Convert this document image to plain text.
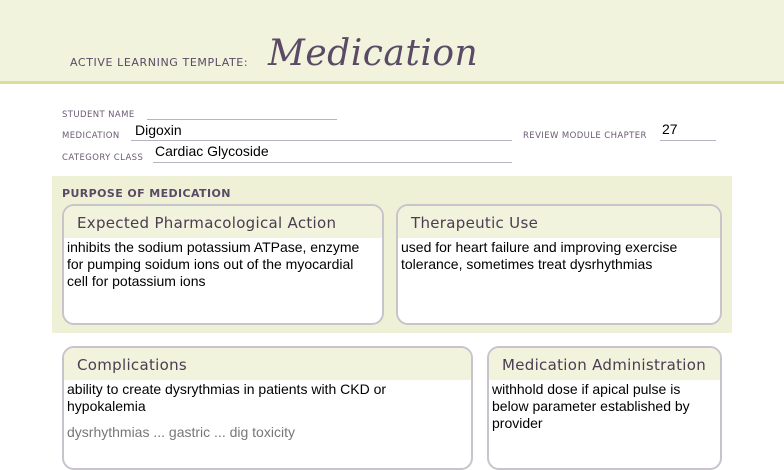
ACTIVE LEARNING TEMPLATE: Medication
STUDENT NAME
MEDICATION Digoxin	REVIEW MODULE CHAPTER 27
CATEGORY CLASS Cardiac Glycoside
PURPOSE OF MEDICATION
Expected Pharmacological Action
inhibits the sodium potassium ATPase, enzyme for pumping soidum ions out of the myocardial cell for potassium ions
Therapeutic Use
used for heart failure and improving exercise tolerance, sometimes treat dysrhythmias
Complications
ability to create dysrythmias in patients with CKD or hypokalemia
dysrhythmias ... gastric ... dig toxicity
Medication Administration
withhold dose if apical pulse is below parameter established by provider
